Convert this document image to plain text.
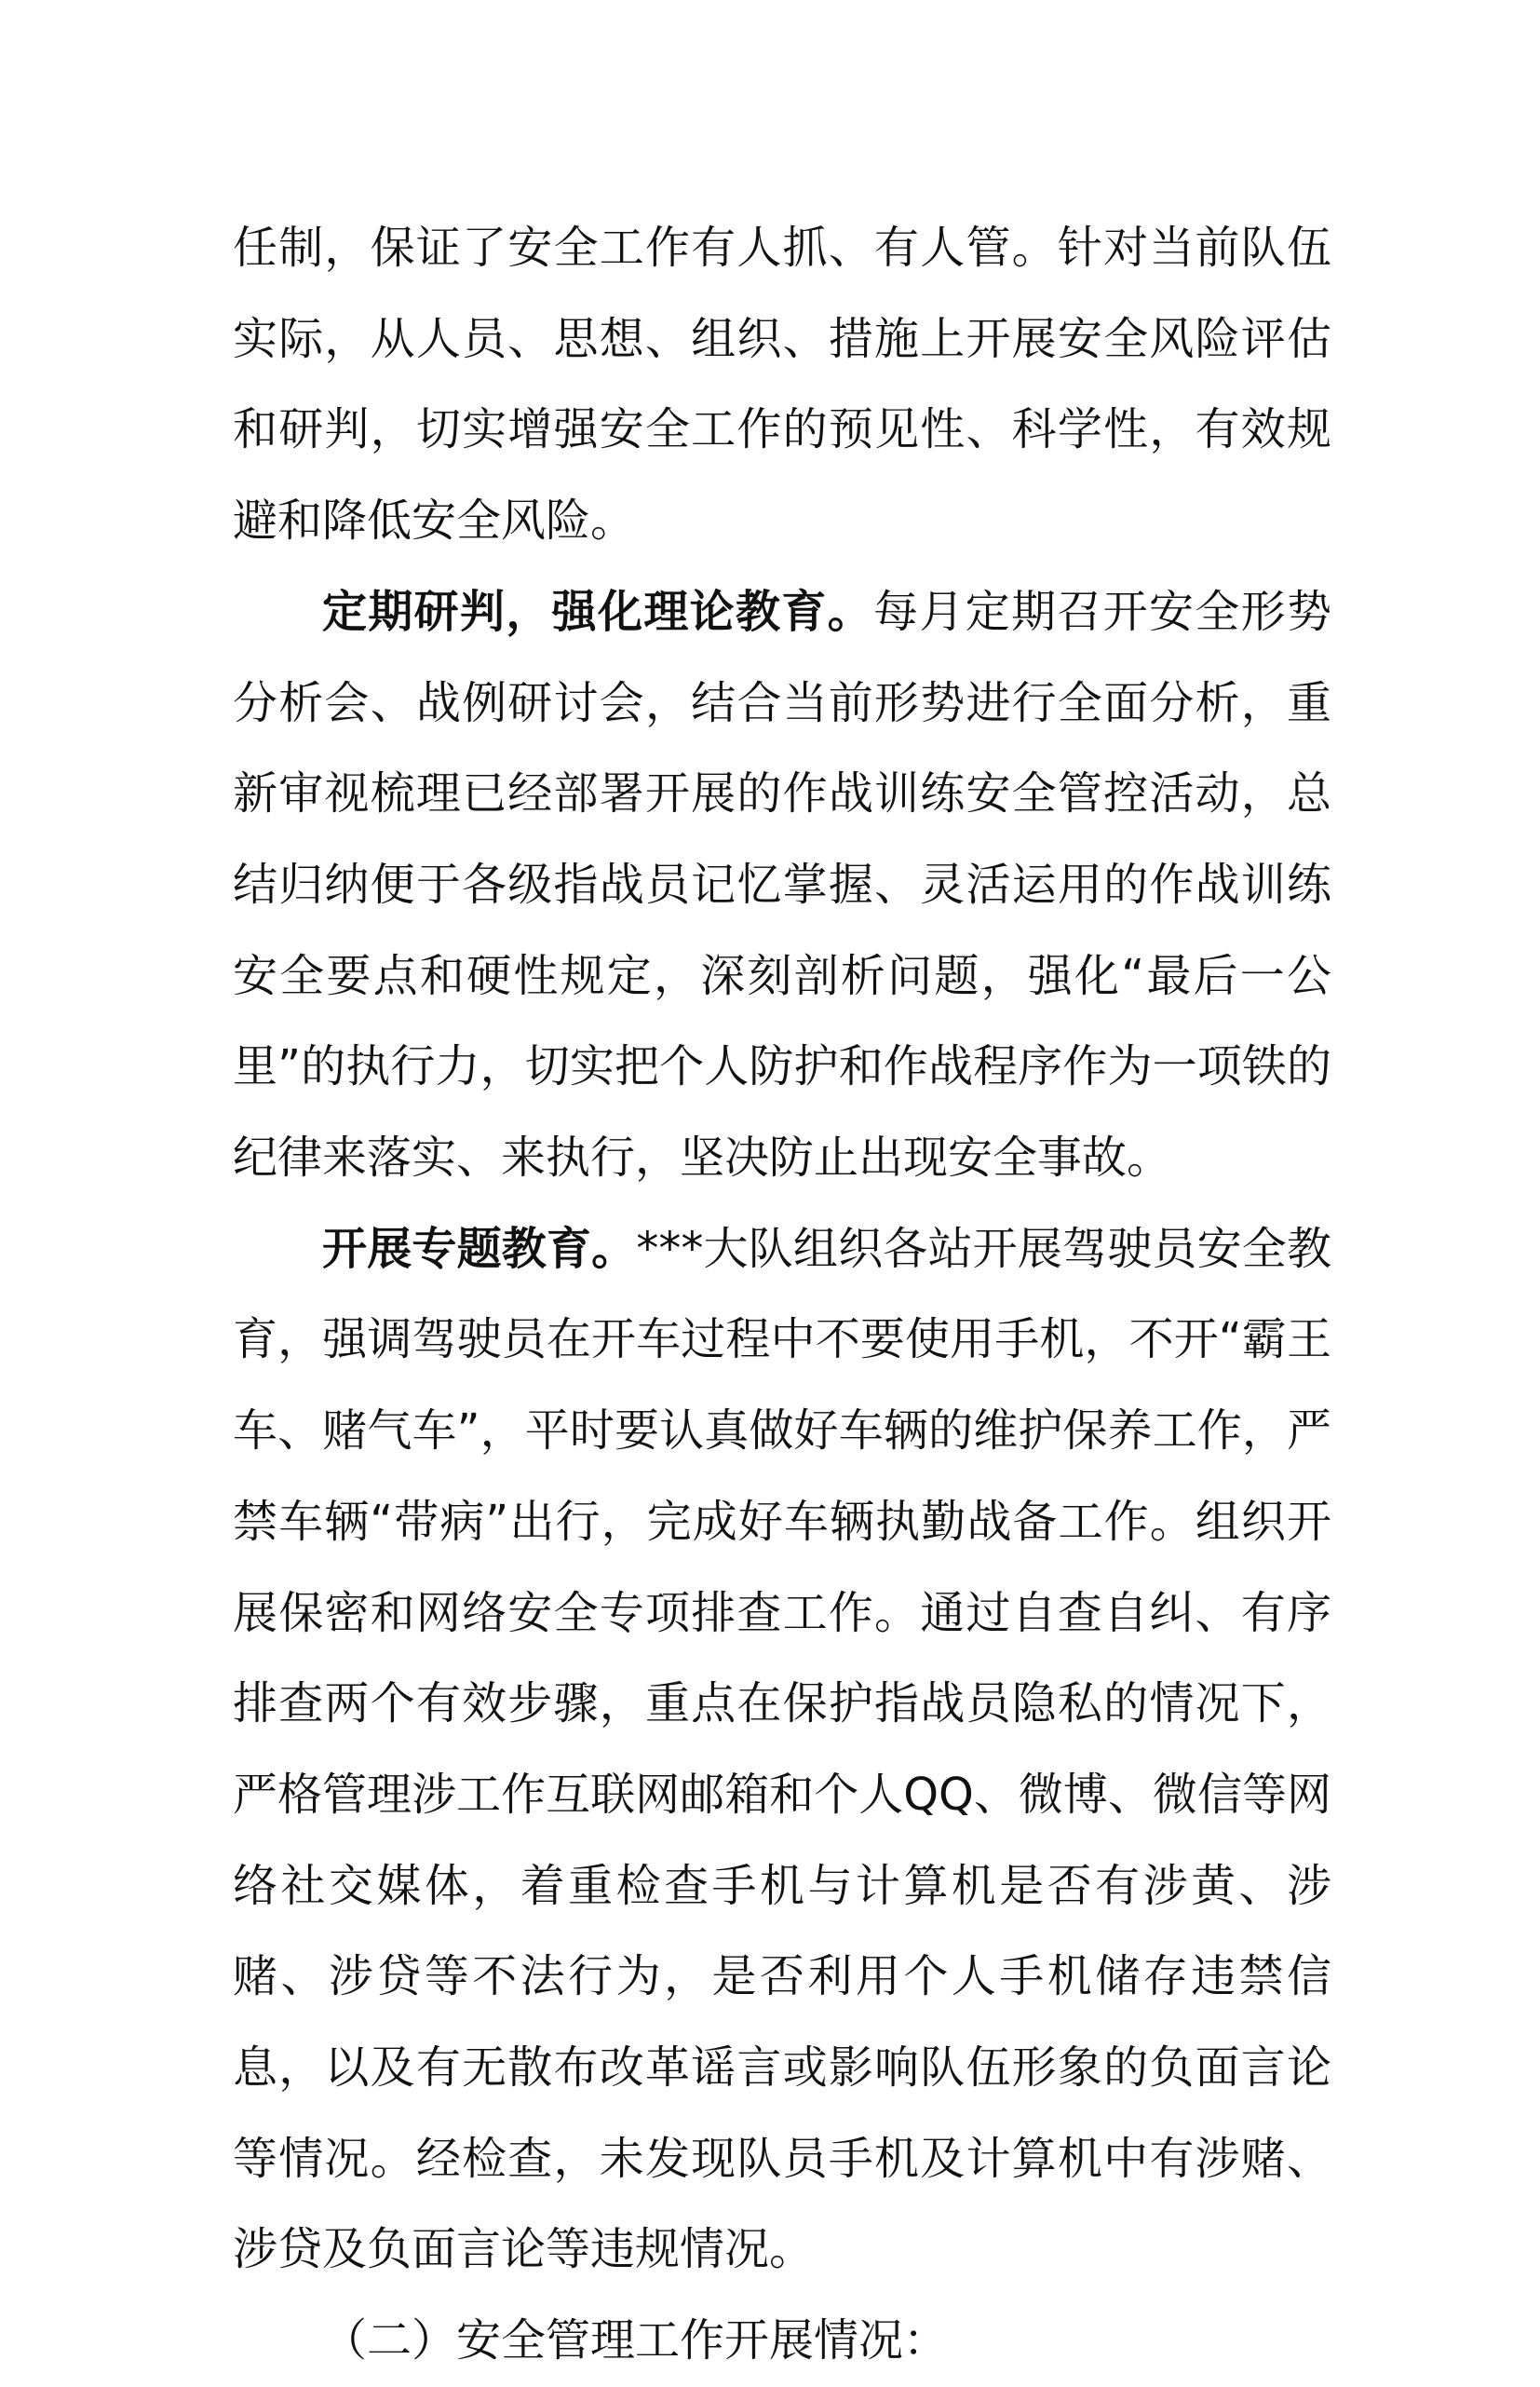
任制，保证了安全工作有人抓、有人管。针对当前队伍实际，从人员、思想、组织、措施上开展安全风险评估和研判，切实增强安全工作的预见性、科学性，有效规避和降低安全风险。

定期研判，强化理论教育。每月定期召开安全形势分析会、战例研讨会，结合当前形势进行全面分析，重新审视梳理已经部署开展的作战训练安全管控活动，总结归纳便于各级指战员记忆掌握、灵活运用的作战训练安全要点和硬性规定，深刻剖析问题，强化“最后一公里”的执行力，切实把个人防护和作战程序作为一项铁的纪律来落实、来执行，坚决防止出现安全事故。

开展专题教育。***大队组织各站开展驾驶员安全教育，强调驾驶员在开车过程中不要使用手机，不开“霸王车、赌气车”，平时要认真做好车辆的维护保养工作，严禁车辆“带病”出行，完成好车辆执勤战备工作。组织开展保密和网络安全专项排查工作。通过自查自纠、有序排查两个有效步骤，重点在保护指战员隐私的情况下，严格管理涉工作互联网邮箱和个人QQ、微博、微信等网络社交媒体，着重检查手机与计算机是否有涉黄、涉赌、涉贷等不法行为，是否利用个人手机储存违禁信息，以及有无散布改革谣言或影响队伍形象的负面言论等情况。经检查，未发现队员手机及计算机中有涉赌、涉贷及负面言论等违规情况。

（二）安全管理工作开展情况：
